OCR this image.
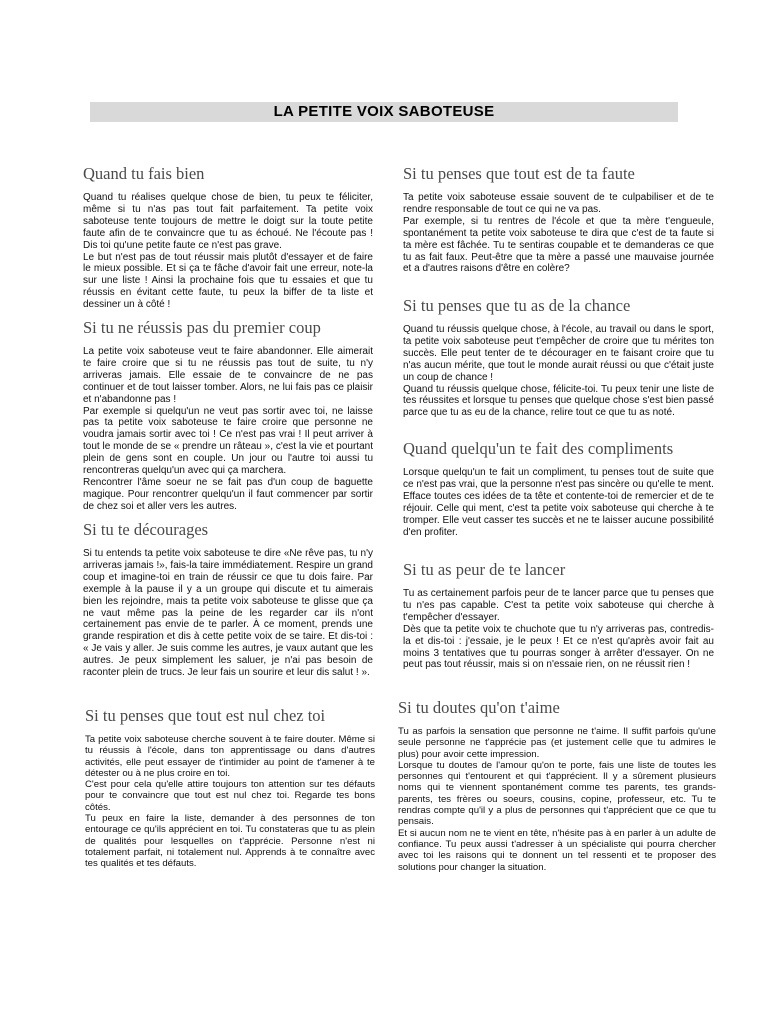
LA PETITE VOIX SABOTEUSE
Quand tu fais bien

Quand tu réalises quelque chose de bien, tu peux te féliciter, même si tu n'as pas tout fait parfaitement. Ta petite voix saboteuse tente toujours de mettre le doigt sur la toute petite faute afin de te convaincre que tu as échoué. Ne l'écoute pas ! Dis toi qu'une petite faute ce n'est pas grave.

Le but n'est pas de tout réussir mais plutôt d'essayer et de faire le mieux possible. Et si ça te fâche d'avoir fait une erreur, note-la sur une liste ! Ainsi la prochaine fois que tu essaies et que tu réussis en évitant cette faute, tu peux la biffer de ta liste et dessiner un à côté !

Si tu ne réussis pas du premier coup

La petite voix saboteuse veut te faire abandonner. Elle aimerait te faire croire que si tu ne réussis pas tout de suite, tu n'y arriveras jamais. Elle essaie de te convaincre de ne pas continuer et de tout laisser tomber. Alors, ne lui fais pas ce plaisir et n'abandonne pas !

Par exemple si quelqu'un ne veut pas sortir avec toi, ne laisse pas ta petite voix saboteuse te faire croire que personne ne voudra jamais sortir avec toi ! Ce n'est pas vrai ! Il peut arriver à tout le monde de se « prendre un râteau », c'est la vie et pourtant plein de gens sont en couple. Un jour ou l'autre toi aussi tu rencontreras quelqu'un avec qui ça marchera.

Rencontrer l'âme soeur ne se fait pas d'un coup de baguette magique. Pour rencontrer quelqu'un il faut commencer par sortir de chez soi et aller vers les autres.

Si tu te décourages

Si tu entends ta petite voix saboteuse te dire «Ne rêve pas, tu n'y arriveras jamais !», fais-la taire immédiatement. Respire un grand coup et imagine-toi en train de réussir ce que tu dois faire. Par exemple à la pause il y a un groupe qui discute et tu aimerais bien les rejoindre, mais ta petite voix saboteuse te glisse que ça ne vaut même pas la peine de les regarder car ils n'ont certainement pas envie de te parler. À ce moment, prends une grande respiration et dis à cette petite voix de se taire. Et dis-toi : « Je vais y aller. Je suis comme les autres, je vaux autant que les autres. Je peux simplement les saluer, je n'ai pas besoin de raconter plein de trucs. Je leur fais un sourire et leur dis salut ! ».

Si tu penses que tout est nul chez toi

Ta petite voix saboteuse cherche souvent à te faire douter. Même si tu réussis à l'école, dans ton apprentissage ou dans d'autres activités, elle peut essayer de t'intimider au point de t'amener à te détester ou à ne plus croire en toi.

C'est pour cela qu'elle attire toujours ton attention sur tes défauts pour te convaincre que tout est nul chez toi. Regarde tes bons côtés.

Tu peux en faire la liste, demander à des personnes de ton entourage ce qu'ils apprécient en toi. Tu constateras que tu as plein de qualités pour lesquelles on t'apprécie. Personne n'est ni totalement parfait, ni totalement nul. Apprends à te connaître avec tes qualités et tes défauts.

Si tu penses que tout est de ta faute

Ta petite voix saboteuse essaie souvent de te culpabiliser et de te rendre responsable de tout ce qui ne va pas.

Par exemple, si tu rentres de l'école et que ta mère t'engueule, spontanément ta petite voix saboteuse te dira que c'est de ta faute si ta mère est fâchée. Tu te sentiras coupable et te demanderas ce que tu as fait faux. Peut-être que ta mère a passé une mauvaise journée et a d'autres raisons d'être en colère?

Si tu penses que tu as de la chance

Quand tu réussis quelque chose, à l'école, au travail ou dans le sport, ta petite voix saboteuse peut t'empêcher de croire que tu mérites ton succès. Elle peut tenter de te décourager en te faisant croire que tu n'as aucun mérite, que tout le monde aurait réussi ou que c'était juste un coup de chance !

Quand tu réussis quelque chose, félicite-toi. Tu peux tenir une liste de tes réussites et lorsque tu penses que quelque chose s'est bien passé parce que tu as eu de la chance, relire tout ce que tu as noté.

Quand quelqu'un te fait des compliments

Lorsque quelqu'un te fait un compliment, tu penses tout de suite que ce n'est pas vrai, que la personne n'est pas sincère ou qu'elle te ment.

Efface toutes ces idées de ta tête et contente-toi de remercier et de te réjouir. Celle qui ment, c'est ta petite voix saboteuse qui cherche à te tromper. Elle veut casser tes succès et ne te laisser aucune possibilité d'en profiter.

Si tu as peur de te lancer

Tu as certainement parfois peur de te lancer parce que tu penses que tu n'es pas capable. C'est ta petite voix saboteuse qui cherche à t'empêcher d'essayer.

Dès que ta petite voix te chuchote que tu n'y arriveras pas, contredis-la et dis-toi : j'essaie, je le peux ! Et ce n'est qu'après avoir fait au moins 3 tentatives que tu pourras songer à arrêter d'essayer. On ne peut pas tout réussir, mais si on n'essaie rien, on ne réussit rien !

Si tu doutes qu'on t'aime

Tu as parfois la sensation que personne ne t'aime. Il suffit parfois qu'une seule personne ne t'apprécie pas (et justement celle que tu admires le plus) pour avoir cette impression.

Lorsque tu doutes de l'amour qu'on te porte, fais une liste de toutes les personnes qui t'entourent et qui t'apprécient. Il y a sûrement plusieurs noms qui te viennent spontanément comme tes parents, tes grands-parents, tes frères ou soeurs, cousins, copine, professeur, etc. Tu te rendras compte qu'il y a plus de personnes qui t'apprécient que ce que tu pensais.

Et si aucun nom ne te vient en tête, n'hésite pas à en parler à un adulte de confiance. Tu peux aussi t'adresser à un spécialiste qui pourra chercher avec toi les raisons qui te donnent un tel ressenti et te proposer des solutions pour changer la situation.
